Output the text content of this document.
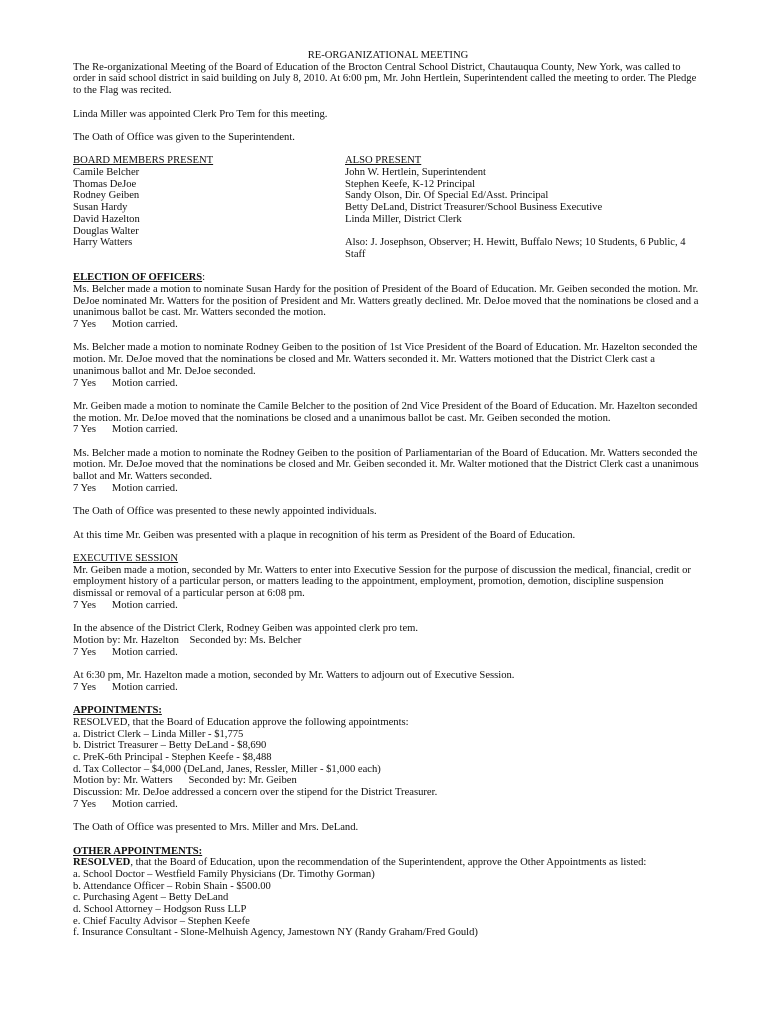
RE-ORGANIZATIONAL MEETING

The Re-organizational Meeting of the Board of Education of the Brocton Central School District, Chautauqua County, New York, was called to order in said school district in said building on July 8, 2010. At 6:00 pm, Mr. John Hertlein, Superintendent called the meeting to order. The Pledge to the Flag was recited.

Linda Miller was appointed Clerk Pro Tem for this meeting.

The Oath of Office was given to the Superintendent.

BOARD MEMBERS PRESENT

Camile Belcher

Thomas DeJoe

Rodney Geiben

Susan Hardy

David Hazelton

Douglas Walter

Harry Watters

ALSO PRESENT

John W. Hertlein, Superintendent

Stephen Keefe, K-12 Principal

Sandy Olson, Dir. Of Special Ed/Asst. Principal

Betty DeLand, District Treasurer/School Business Executive

Linda Miller, District Clerk

Also: J. Josephson, Observer; H. Hewitt, Buffalo News; 10 Students, 6 Public, 4 Staff

ELECTION OF OFFICERS:

Ms. Belcher made a motion to nominate Susan Hardy for the position of President of the Board of Education. Mr. Geiben seconded the motion. Mr. DeJoe nominated Mr. Watters for the position of President and Mr. Watters greatly declined. Mr. DeJoe moved that the nominations be closed and a unanimous ballot be cast. Mr. Watters seconded the motion.

7 Yes      Motion carried.

Ms. Belcher made a motion to nominate Rodney Geiben to the position of 1st Vice President of the Board of Education. Mr. Hazelton seconded the motion. Mr. DeJoe moved that the nominations be closed and Mr. Watters seconded it. Mr. Watters motioned that the District Clerk cast a unanimous ballot and Mr. DeJoe seconded.

7 Yes      Motion carried.

Mr. Geiben made a motion to nominate the Camile Belcher to the position of 2nd Vice President of the Board of Education. Mr. Hazelton seconded the motion. Mr. DeJoe moved that the nominations be closed and a unanimous ballot be cast. Mr. Geiben seconded the motion.

7 Yes      Motion carried.

Ms. Belcher made a motion to nominate the Rodney Geiben to the position of Parliamentarian of the Board of Education. Mr. Watters seconded the motion. Mr. DeJoe moved that the nominations be closed and Mr. Geiben seconded it. Mr. Walter motioned that the District Clerk cast a unanimous ballot and Mr. Watters seconded.

7 Yes      Motion carried.

The Oath of Office was presented to these newly appointed individuals.

At this time Mr. Geiben was presented with a plaque in recognition of his term as President of the Board of Education.

EXECUTIVE SESSION

Mr. Geiben made a motion, seconded by Mr. Watters to enter into Executive Session for the purpose of discussion the medical, financial, credit or employment history of a particular person, or matters leading to the appointment, employment, promotion, demotion, discipline suspension dismissal or removal of a particular person at 6:08 pm.

7 Yes      Motion carried.

In the absence of the District Clerk, Rodney Geiben was appointed clerk pro tem.

Motion by: Mr. Hazelton    Seconded by: Ms. Belcher

7 Yes      Motion carried.

At 6:30 pm, Mr. Hazelton made a motion, seconded by Mr. Watters to adjourn out of Executive Session.

7 Yes      Motion carried.

APPOINTMENTS:

RESOLVED, that the Board of Education approve the following appointments:

a. District Clerk – Linda Miller - $1,775

b. District Treasurer – Betty DeLand - $8,690

c. PreK-6th Principal - Stephen Keefe - $8,488

d. Tax Collector – $4,000 (DeLand, Janes, Ressler, Miller - $1,000 each)

Motion by: Mr. Watters      Seconded by: Mr. Geiben

Discussion: Mr. DeJoe addressed a concern over the stipend for the District Treasurer.

7 Yes      Motion carried.

The Oath of Office was presented to Mrs. Miller and Mrs. DeLand.

OTHER APPOINTMENTS:

RESOLVED, that the Board of Education, upon the recommendation of the Superintendent, approve the Other Appointments as listed:

a. School Doctor – Westfield Family Physicians (Dr. Timothy Gorman)

b. Attendance Officer – Robin Shain - $500.00

c. Purchasing Agent – Betty DeLand

d. School Attorney – Hodgson Russ LLP

e. Chief Faculty Advisor – Stephen Keefe

f. Insurance Consultant - Slone-Melhuish Agency, Jamestown NY (Randy Graham/Fred Gould)
